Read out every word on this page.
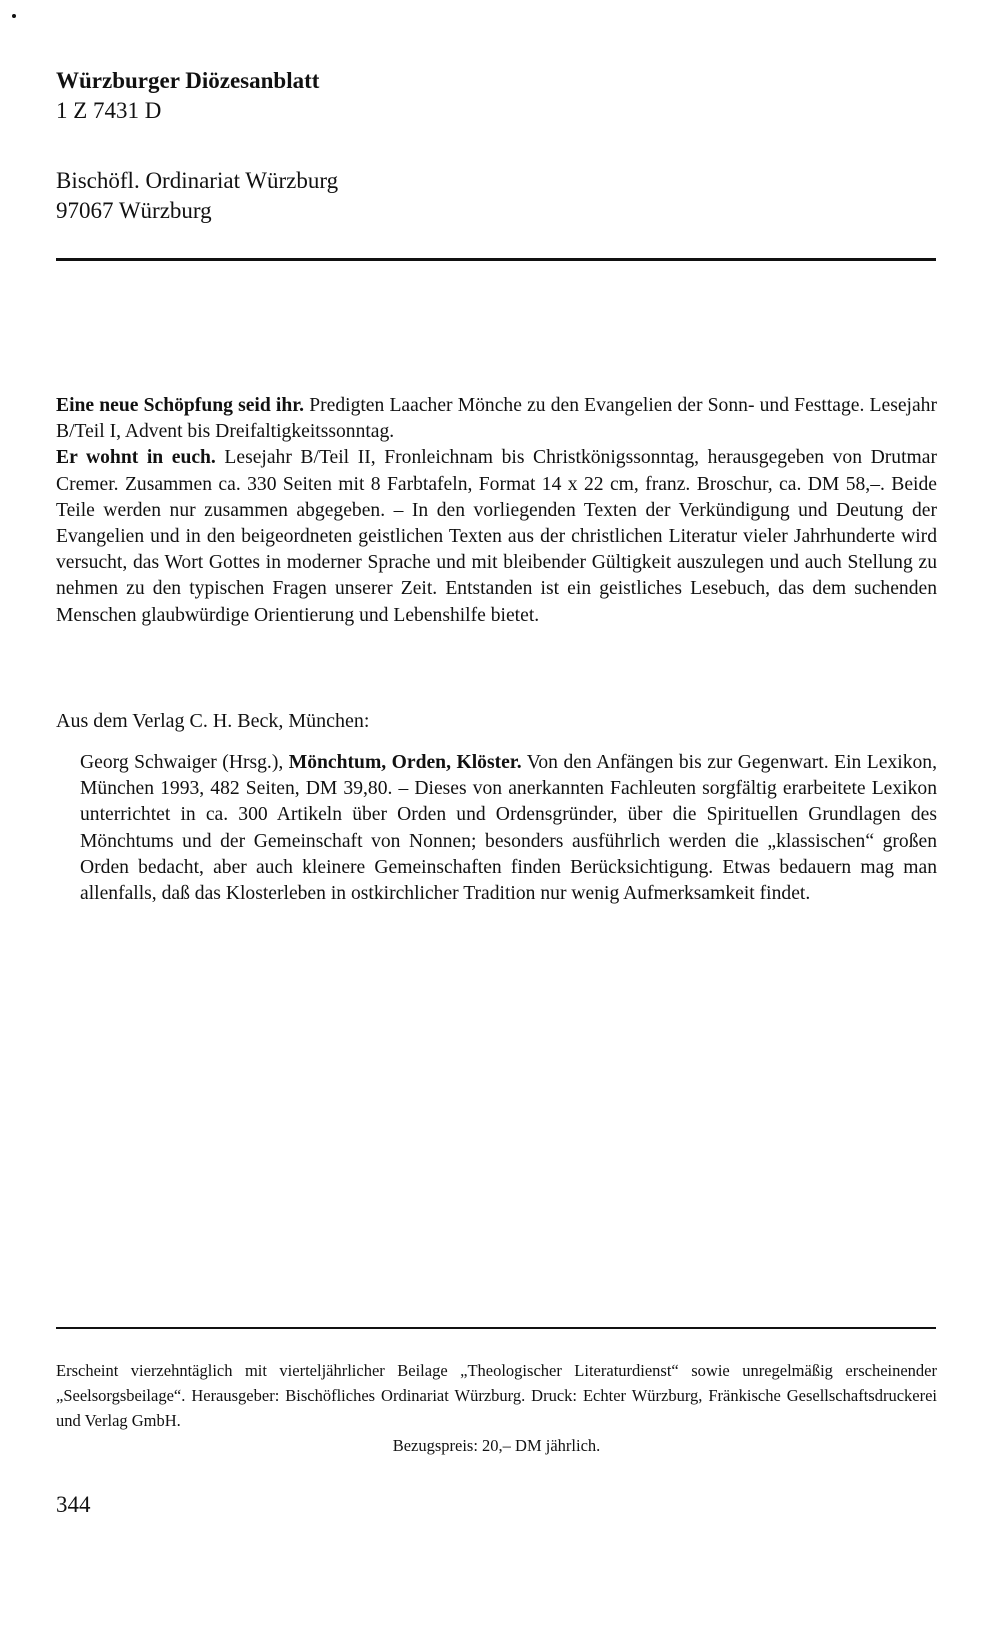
Würzburger Diözesanblatt
1 Z 7431 D
Bischöfl. Ordinariat Würzburg
97067 Würzburg
Eine neue Schöpfung seid ihr. Predigten Laacher Mönche zu den Evangelien der Sonn- und Festtage. Lesejahr B/Teil I, Advent bis Dreifaltigkeitssonntag.
Er wohnt in euch. Lesejahr B/Teil II, Fronleichnam bis Christkönigssonntag, herausgegeben von Drutmar Cremer. Zusammen ca. 330 Seiten mit 8 Farbtafeln, Format 14 x 22 cm, franz. Broschur, ca. DM 58,–. Beide Teile werden nur zusammen abgegeben. – In den vorliegenden Texten der Verkündigung und Deutung der Evangelien und in den beigeordneten geistlichen Texten aus der christlichen Literatur vieler Jahrhunderte wird versucht, das Wort Gottes in moderner Sprache und mit bleibender Gültigkeit auszulegen und auch Stellung zu nehmen zu den typischen Fragen unserer Zeit. Entstanden ist ein geistliches Lesebuch, das dem suchenden Menschen glaubwürdige Orientierung und Lebenshilfe bietet.
Aus dem Verlag C. H. Beck, München:
Georg Schwaiger (Hrsg.), Mönchtum, Orden, Klöster. Von den Anfängen bis zur Gegenwart. Ein Lexikon, München 1993, 482 Seiten, DM 39,80. – Dieses von anerkannten Fachleuten sorgfältig erarbeitete Lexikon unterrichtet in ca. 300 Artikeln über Orden und Ordensgründer, über die Spirituellen Grundlagen des Mönchtums und der Gemeinschaft von Nonnen; besonders ausführlich werden die „klassischen“ großen Orden bedacht, aber auch kleinere Gemeinschaften finden Berücksichtigung. Etwas bedauern mag man allenfalls, daß das Klosterleben in ostkirchlicher Tradition nur wenig Aufmerksamkeit findet.
Erscheint vierzehntäglich mit vierteljährlicher Beilage „Theologischer Literaturdienst“ sowie unregelmäßig erscheinender „Seelsorgsbeilage“. Herausgeber: Bischöfliches Ordinariat Würzburg. Druck: Echter Würzburg, Fränkische Gesellschaftsdruckerei und Verlag GmbH.
Bezugspreis: 20,– DM jährlich.
344
